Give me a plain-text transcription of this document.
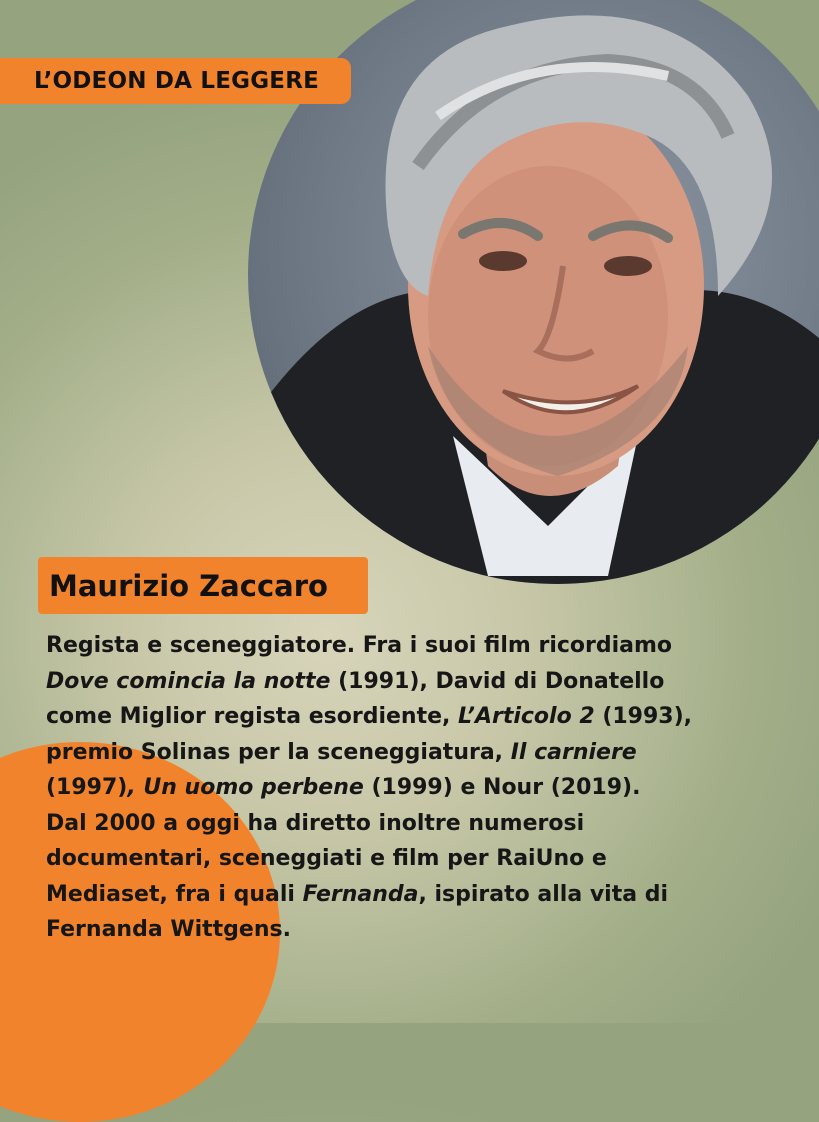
L’ODEON DA LEGGERE
Maurizio Zaccaro

Regista e sceneggiatore. Fra i suoi film ricordiamo

Dove comincia la notte (1991), David di Donatello

come Miglior regista esordiente, L’Articolo 2 (1993),

premio Solinas per la sceneggiatura, Il carniere

(1997), Un uomo perbene (1999) e Nour (2019).

Dal 2000 a oggi ha diretto inoltre numerosi

documentari, sceneggiati e film per RaiUno e

Mediaset, fra i quali Fernanda, ispirato alla vita di

Fernanda Wittgens.
